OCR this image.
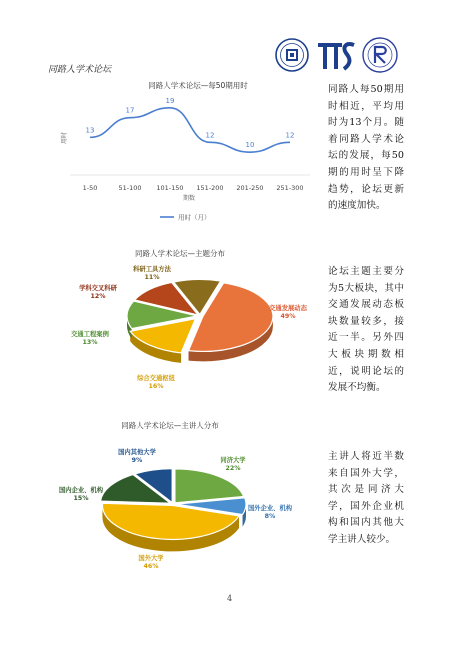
同路人学术论坛
同路人学术论坛—每50期用时
13
1-50
17
51-100
19
101-150
12
151-200
10
201-250
12
251-300
期数
用时
用时（月）
同路人学术论坛—主题分布
交通发展动态
49%
综合交通枢纽
16%
交通工程案例
13%
学科交叉科研
12%
科研工具方法
11%
同路人学术论坛—主讲人分布
同济大学
22%
国外企业、机构
8%
国外大学
46%
国内企业、机构
15%
国内其他大学
9%
同路人每50期用时相近，平均用时为13个月。随着同路人学术论坛的发展，每50期的用时呈下降趋势，论坛更新的速度加快。
论坛主题主要分为5大板块，其中交通发展动态板块数量较多，接近一半。另外四大板块期数相近，说明论坛的发展不均衡。
主讲人将近半数来自国外大学，其次是同济大学，国外企业机构和国内其他大学主讲人较少。
4
